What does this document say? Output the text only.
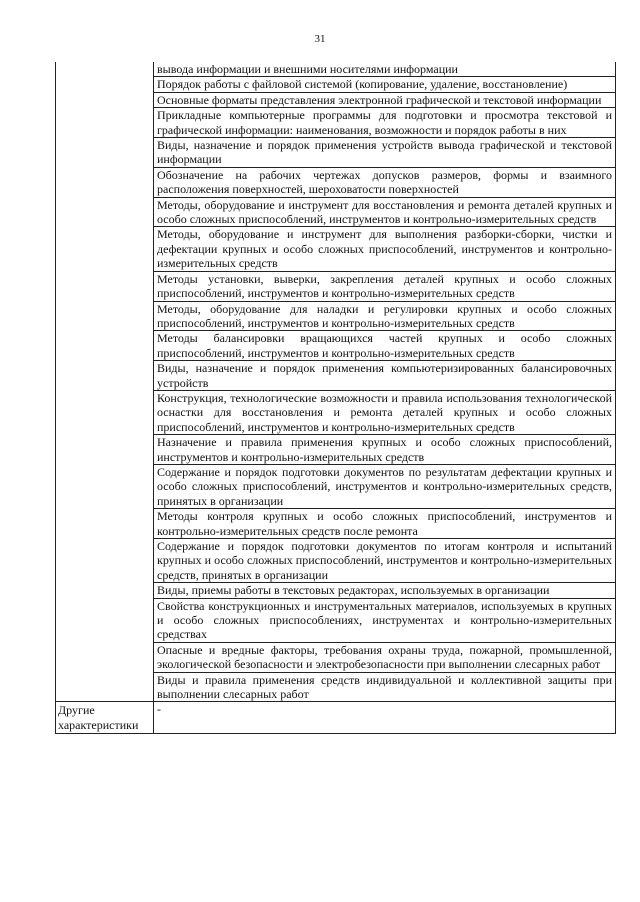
31
	вывода информации и внешними носителями информации
	Порядок работы с файловой системой (копирование, удаление, восстановление)
	Основные форматы представления электронной графической и текстовой информации
	Прикладные компьютерные программы для подготовки и просмотра текстовой и графической информации: наименования, возможности и порядок работы в них
	Виды, назначение и порядок применения устройств вывода графической и текстовой информации
	Обозначение на рабочих чертежах допусков размеров, формы и взаимного расположения поверхностей, шероховатости поверхностей
	Методы, оборудование и инструмент для восстановления и ремонта деталей крупных и особо сложных приспособлений, инструментов и контрольно-измерительных средств
	Методы, оборудование и инструмент для выполнения разборки-сборки, чистки и дефектации крупных и особо сложных приспособлений, инструментов и контрольно-измерительных средств
	Методы установки, выверки, закрепления деталей крупных и особо сложных приспособлений, инструментов и контрольно-измерительных средств
	Методы, оборудование для наладки и регулировки крупных и особо сложных приспособлений, инструментов и контрольно-измерительных средств
	Методы балансировки вращающихся частей крупных и особо сложных приспособлений, инструментов и контрольно-измерительных средств
	Виды, назначение и порядок применения компьютеризированных балансировочных устройств
	Конструкция, технологические возможности и правила использования технологической оснастки для восстановления и ремонта деталей крупных и особо сложных приспособлений, инструментов и контрольно-измерительных средств
	Назначение и правила применения крупных и особо сложных приспособлений, инструментов и контрольно-измерительных средств
	Содержание и порядок подготовки документов по результатам дефектации крупных и особо сложных приспособлений, инструментов и контрольно-измерительных средств, принятых в организации
	Методы контроля крупных и особо сложных приспособлений, инструментов и контрольно-измерительных средств после ремонта
	Содержание и порядок подготовки документов по итогам контроля и испытаний крупных и особо сложных приспособлений, инструментов и контрольно-измерительных средств, принятых в организации
	Виды, приемы работы в текстовых редакторах, используемых в организации
	Свойства конструкционных и инструментальных материалов, используемых в крупных и особо сложных приспособлениях, инструментах и контрольно-измерительных средствах
	Опасные и вредные факторы, требования охраны труда, пожарной, промышленной, экологической безопасности и электробезопасности при выполнении слесарных работ
	Виды и правила применения средств индивидуальной и коллективной защиты при выполнении слесарных работ

Другие характеристики	-
